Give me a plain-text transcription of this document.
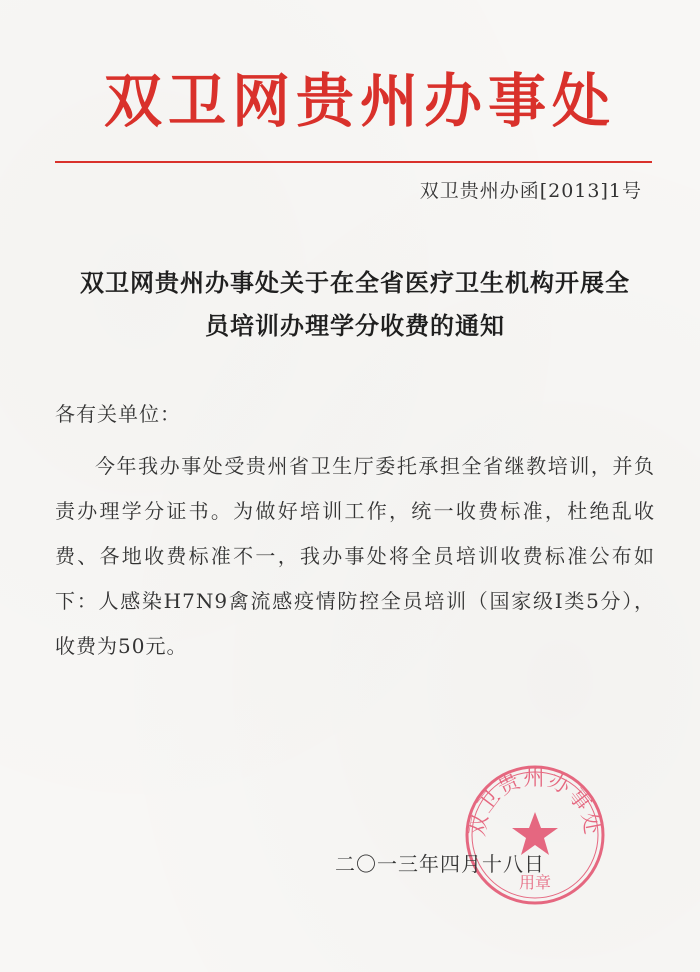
双卫网贵州办事处
双卫贵州办函[2013]1号
双卫网贵州办事处关于在全省医疗卫生机构开展全
员培训办理学分收费的通知
各有关单位：
今年我办事处受贵州省卫生厅委托承担全省继教培训，并负责办理学分证书。为做好培训工作，统一收费标准，杜绝乱收费、各地收费标准不一，我办事处将全员培训收费标准公布如下：人感染H7N9禽流感疫情防控全员培训（国家级Ⅰ类5分），收费为50元。
双卫贵州办事处
用章
二〇一三年四月十八日
